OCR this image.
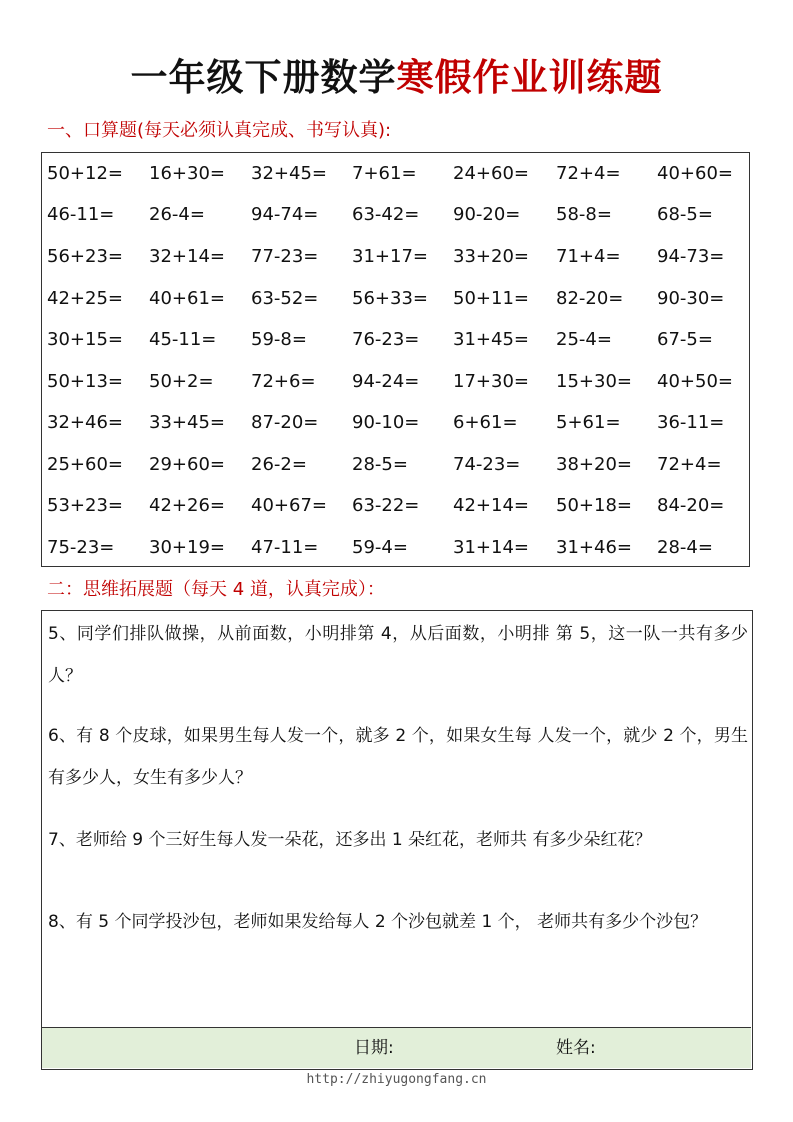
一年级下册数学寒假作业训练题
一、口算题(每天必须认真完成、书写认真):
50+12= 16+30= 32+45= 7+61= 24+60= 72+4= 40+60=
46-11= 26-4=	94-74= 63-42= 90-20= 58-8=	68-5=
56+23= 32+14= 77-23= 31+17= 33+20= 71+4= 94-73=
42+25= 40+61= 63-52= 56+33= 50+11= 82-20= 90-30=
30+15= 45-11= 59-8=	76-23= 31+45= 25-4=	67-5=
50+13= 50+2= 72+6= 94-24= 17+30= 15+30= 40+50=
32+46= 33+45= 87-20= 90-10= 6+61= 5+61= 36-11=
25+60= 29+60= 26-2=	28-5=	74-23= 38+20= 72+4=
53+23= 42+26= 40+67= 63-22= 42+14= 50+18= 84-20=
75-23= 30+19= 47-11= 59-4=	31+14= 31+46= 28-4=
二：思维拓展题（每天 4 道，认真完成）：
5、同学们排队做操，从前面数，小明排第 4，从后面数，小明排 第 5，这一队一共有多少人？
6、有 8 个皮球，如果男生每人发一个，就多 2 个，如果女生每 人发一个，就少 2 个，男生有多少人，女生有多少人？
7、老师给 9 个三好生每人发一朵花，还多出 1 朵红花，老师共 有多少朵红花？
8、有 5 个同学投沙包，老师如果发给每人 2 个沙包就差 1 个， 老师共有多少个沙包？
日期:	姓名:
http://zhiyugongfang.cn
